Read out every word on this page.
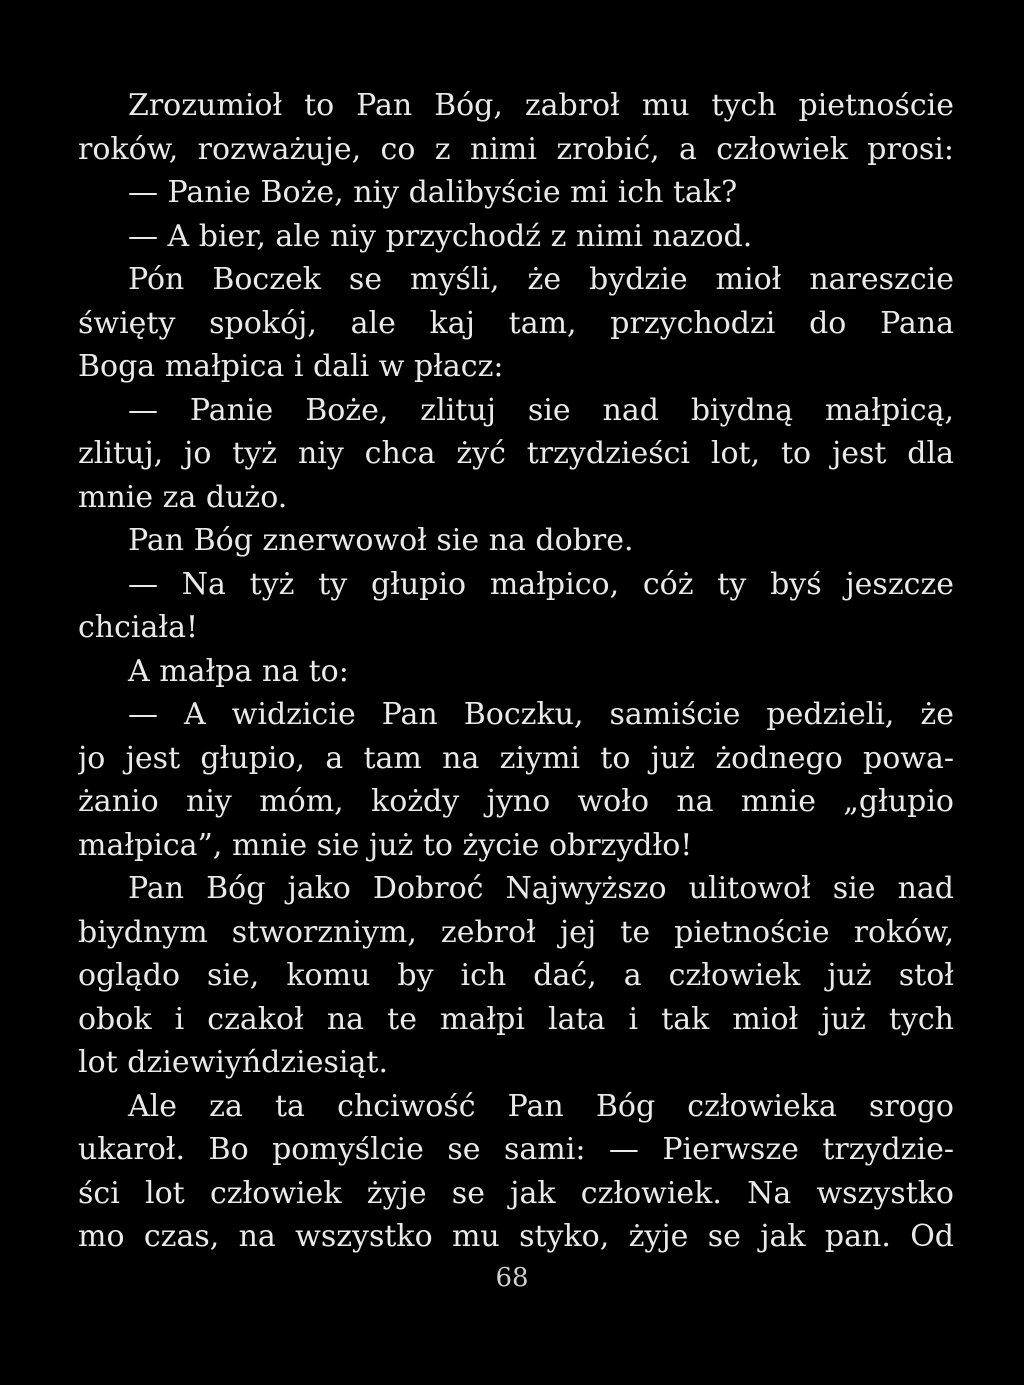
Zrozumioł to Pan Bóg, zabroł mu tych pietnoście
roków, rozważuje, co z nimi zrobić, a człowiek prosi:
— Panie Boże, niy dalibyście mi ich tak?
— A bier, ale niy przychodź z nimi nazod.
Pón Boczek se myśli, że bydzie mioł nareszcie
święty spokój, ale kaj tam, przychodzi do Pana
Boga małpica i dali w płacz:
— Panie Boże, zlituj sie nad biydną małpicą,
zlituj, jo tyż niy chca żyć trzydzieści lot, to jest dla
mnie za dużo.
Pan Bóg znerwowoł sie na dobre.
— Na tyż ty głupio małpico, cóż ty byś jeszcze
chciała!
A małpa na to:
— A widzicie Pan Boczku, samiście pedzieli, że
jo jest głupio, a tam na ziymi to już żodnego powa-
żanio niy móm, kożdy jyno woło na mnie „głupio
małpica”, mnie sie już to życie obrzydło!
Pan Bóg jako Dobroć Najwyższo ulitowoł sie nad
biydnym stworzniym, zebroł jej te pietnoście roków,
oglądo sie, komu by ich dać, a człowiek już stoł
obok i czakoł na te małpi lata i tak mioł już tych
lot dziewiyńdziesiąt.
Ale za ta chciwość Pan Bóg człowieka srogo
ukaroł. Bo pomyślcie se sami: — Pierwsze trzydzie-
ści lot człowiek żyje se jak człowiek. Na wszystko
mo czas, na wszystko mu styko, żyje se jak pan. Od
68
